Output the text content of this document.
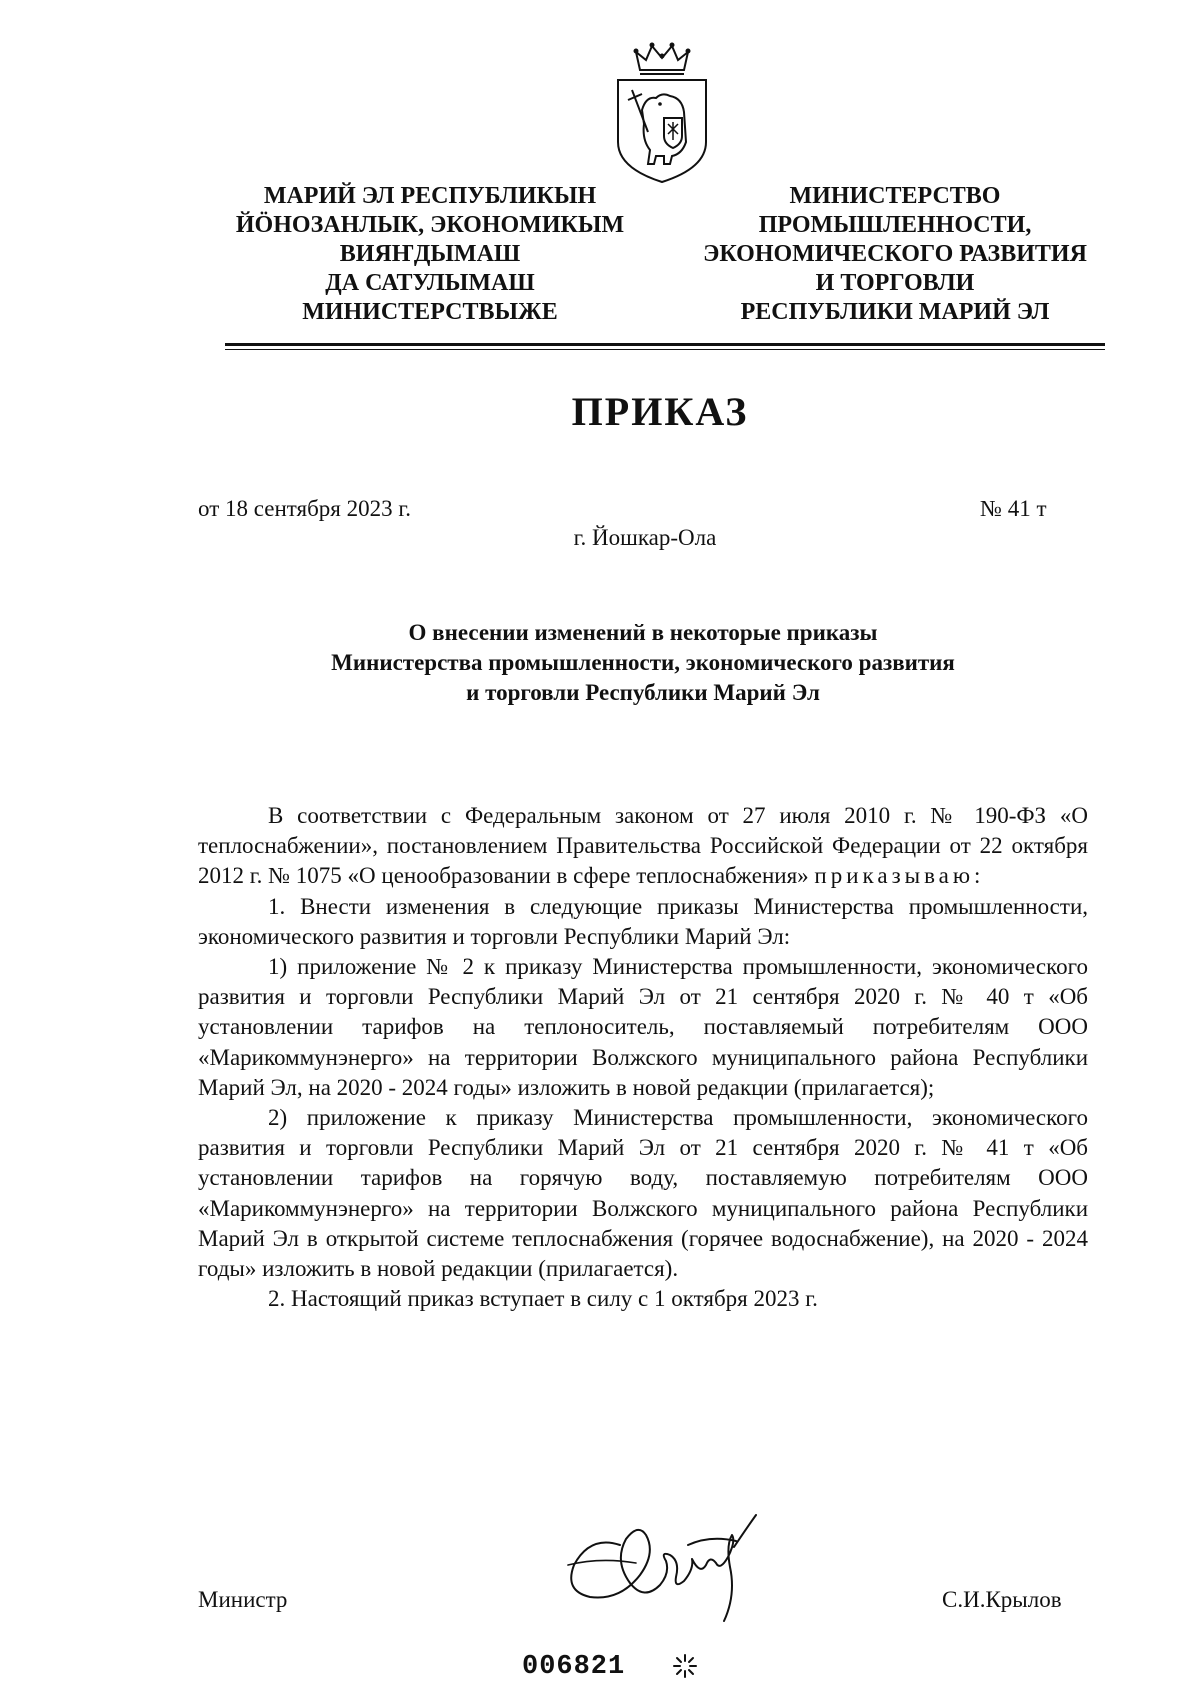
МАРИЙ ЭЛ РЕСПУБЛИКЫН

ЙÖНОЗАНЛЫК, ЭКОНОМИКЫМ

ВИЯҤДЫМАШ

ДА САТУЛЫМАШ

МИНИСТЕРСТВЫЖЕ

МИНИСТЕРСТВО

ПРОМЫШЛЕННОСТИ,

ЭКОНОМИЧЕСКОГО РАЗВИТИЯ

И ТОРГОВЛИ

РЕСПУБЛИКИ МАРИЙ ЭЛ

ПРИКАЗ
от 18 сентября 2023 г.	№ 41 т
г. Йошкар-Ола

О внесении изменений в некоторые приказы

Министерства промышленности, экономического развития

и торговли Республики Марий Эл

В соответствии с Федеральным законом от 27 июля 2010 г. № 190-ФЗ «О теплоснабжении», постановлением Правительства Российской Федерации от 22 октября 2012 г. № 1075 «О ценообразовании в сфере теплоснабжения» приказываю:

1. Внести изменения в следующие приказы Министерства промышленности, экономического развития и торговли Республики Марий Эл:

1) приложение № 2 к приказу Министерства промышленности, экономического развития и торговли Республики Марий Эл от 21 сентября 2020 г. № 40 т «Об установлении тарифов на теплоноситель, поставляемый потребителям ООО «Марикоммунэнерго» на территории Волжского муниципального района Республики Марий Эл, на 2020 - 2024 годы» изложить в новой редакции (прилагается);

2) приложение к приказу Министерства промышленности, экономического развития и торговли Республики Марий Эл от 21 сентября 2020 г. № 41 т «Об установлении тарифов на горячую воду, поставляемую потребителям ООО «Марикоммунэнерго» на территории Волжского муниципального района Республики Марий Эл в открытой системе теплоснабжения (горячее водоснабжение), на 2020 - 2024 годы» изложить в новой редакции (прилагается).

2. Настоящий приказ вступает в силу с 1 октября 2023 г.

Министр	С.И.Крылов
006821
